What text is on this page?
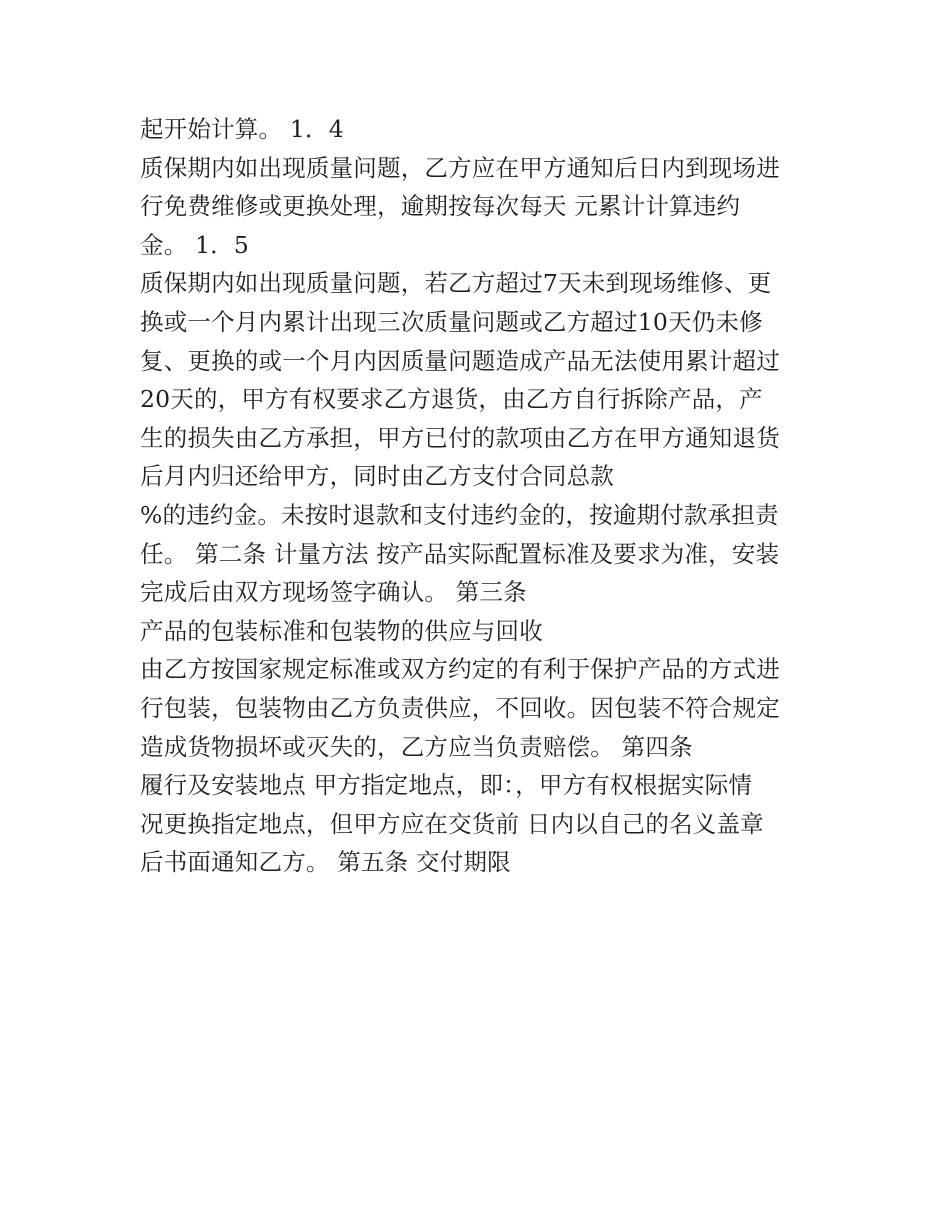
起开始计算。 1．4
质保期内如出现质量问题，乙方应在甲方通知后日内到现场进
行免费维修或更换处理，逾期按每次每天 元累计计算违约
金。 1．5
质保期内如出现质量问题，若乙方超过7天未到现场维修、更
换或一个月内累计出现三次质量问题或乙方超过10天仍未修
复、更换的或一个月内因质量问题造成产品无法使用累计超过
20天的，甲方有权要求乙方退货，由乙方自行拆除产品，产
生的损失由乙方承担，甲方已付的款项由乙方在甲方通知退货
后月内归还给甲方，同时由乙方支付合同总款
%的违约金。未按时退款和支付违约金的，按逾期付款承担责
任。 第二条 计量方法 按产品实际配置标准及要求为准，安装
完成后由双方现场签字确认。 第三条
产品的包装标准和包装物的供应与回收
由乙方按国家规定标准或双方约定的有利于保护产品的方式进
行包装，包装物由乙方负责供应，不回收。因包装不符合规定
造成货物损坏或灭失的，乙方应当负责赔偿。 第四条
履行及安装地点 甲方指定地点，即：，甲方有权根据实际情
况更换指定地点，但甲方应在交货前 日内以自己的名义盖章
后书面通知乙方。 第五条 交付期限
